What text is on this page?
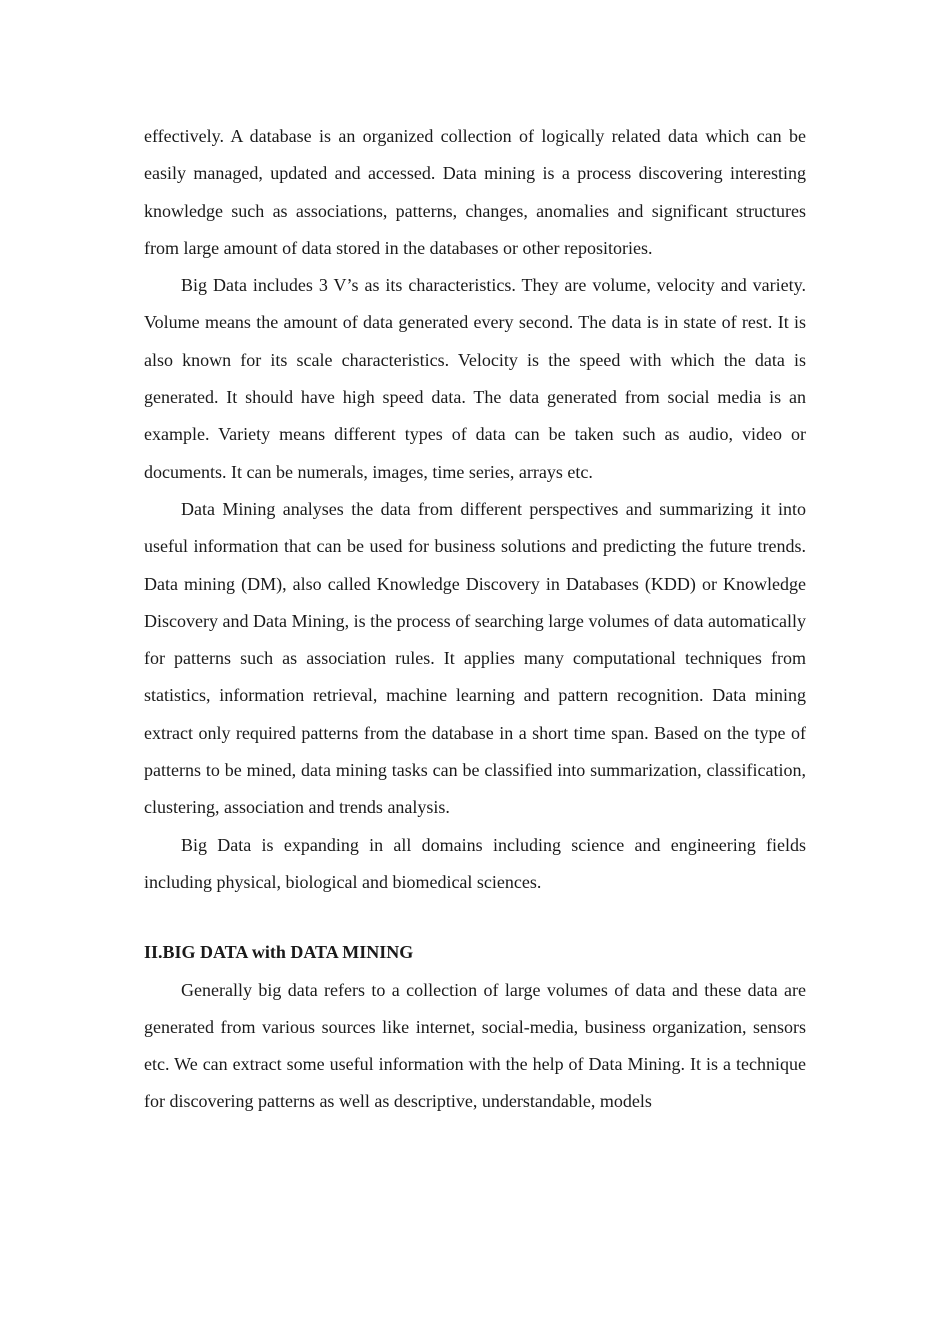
effectively. A database is an organized collection of logically related data which can be easily managed, updated and accessed. Data mining is a process discovering interesting knowledge such as associations, patterns, changes, anomalies and significant structures from large amount of data stored in the databases or other repositories.

Big Data includes 3 V’s as its characteristics. They are volume, velocity and variety. Volume means the amount of data generated every second. The data is in state of rest. It is also known for its scale characteristics. Velocity is the speed with which the data is generated. It should have high speed data. The data generated from social media is an example. Variety means different types of data can be taken such as audio, video or documents. It can be numerals, images, time series, arrays etc.

Data Mining analyses the data from different perspectives and summarizing it into useful information that can be used for business solutions and predicting the future trends. Data mining (DM), also called Knowledge Discovery in Databases (KDD) or Knowledge Discovery and Data Mining, is the process of searching large volumes of data automatically for patterns such as association rules. It applies many computational techniques from statistics, information retrieval, machine learning and pattern recognition. Data mining extract only required patterns from the database in a short time span. Based on the type of patterns to be mined, data mining tasks can be classified into summarization, classification, clustering, association and trends analysis.

Big Data is expanding in all domains including science and engineering fields including physical, biological and biomedical sciences.

II.BIG DATA with DATA MINING

Generally big data refers to a collection of large volumes of data and these data are generated from various sources like internet, social-media, business organization, sensors etc. We can extract some useful information with the help of Data Mining. It is a technique for discovering patterns as well as descriptive, understandable, models
